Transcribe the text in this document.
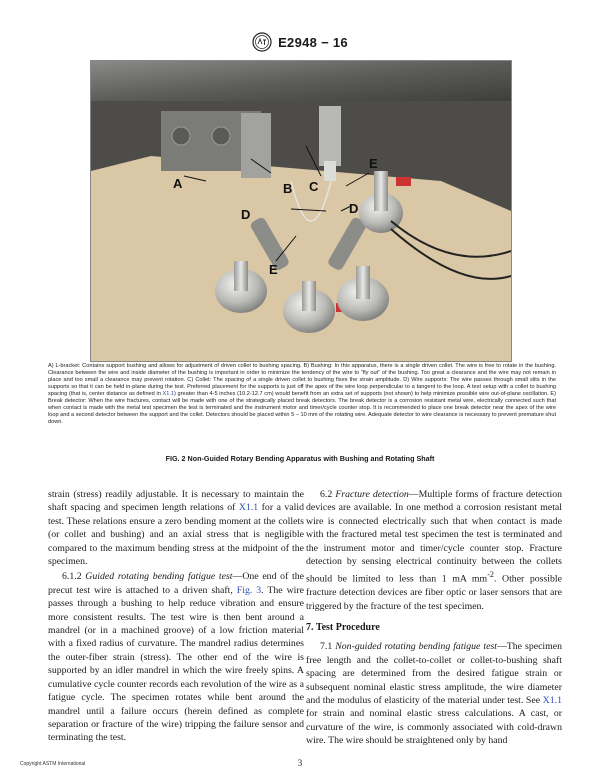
E2948 − 16
A	B C
D	D
E
E
A) L-bracket: Contains support bushing and allows for adjustment of driven collet to bushing spacing. B) Bushing: In this apparatus, there is a single driven collet. The wire is free to rotate in the bushing. Clearance between the wire and inside diameter of the bushing is important in order to minimize the tendency of the wire to “fly out” of the bushing. Too great a clearance and the wire may not remain in place and too small a clearance may prevent rotation. C) Collet: The spacing of a single driven collet to bushing fixes the strain amplitude. D) Wire supports: The wire passes through small slits in the supports so that it can be held in-plane during the test. Preferred placement for the supports is just off the apex of the wire loop perpendicular to a tangent to the loop. A test setup with a collet to bushing spacing (that is, center distance as defined in X1.1) greater than 4-5 inches (10.2-12.7 cm) would benefit from an extra set of supports (not shown) to help minimize possible wire out-of-plane oscillation. E) Break detector: When the wire fractures, contact will be made with one of the strategically placed break detectors. The break detector is a corrosion resistant metal wire, electrically connected such that when contact is made with the metal test specimen the test is terminated and the instrument motor and timer/cycle counter stop. It is recommended to place one break detector near the apex of the wire loop and a second detector between the support and the collet. Detectors should be placed within 5 – 10 mm of the rotating wire. Adequate detector to wire clearance is necessary to prevent premature shut down.
FIG. 2 Non-Guided Rotary Bending Apparatus with Bushing and Rotating Shaft

strain (stress) readily adjustable. It is necessary to maintain the shaft spacing and specimen length relations of X1.1 for a valid test. These relations ensure a zero bending moment at the collets (or collet and bushing) and an axial stress that is negligible compared to the maximum bending stress at the midpoint of the specimen.

6.1.2 Guided rotating bending fatigue test—One end of the precut test wire is attached to a driven shaft, Fig. 3. The wire passes through a bushing to help reduce vibration and ensure more consistent results. The test wire is then bent around a mandrel (or in a machined groove) of a low friction material with a fixed radius of curvature. The mandrel radius determines the outer-fiber strain (stress). The other end of the wire is supported by an idler mandrel in which the wire freely spins. A cumulative cycle counter records each revolution of the wire as a fatigue cycle. The specimen rotates while bent around the mandrel until a failure occurs (herein defined as complete separation or fracture of the wire) tripping the failure sensor and terminating the test.

6.2 Fracture detection—Multiple forms of fracture detection devices are available. In one method a corrosion resistant metal wire is connected electrically such that when contact is made with the fractured metal test specimen the test is terminated and the instrument motor and timer/cycle counter stop. Fracture detection by sensing electrical continuity between the collets should be limited to less than 1 mA $mm^{-2}$. Other possible fracture detection devices are fiber optic or laser sensors that are triggered by the fracture of the test specimen.

7. Test Procedure

7.1 Non-guided rotating bending fatigue test—The specimen free length and the collet-to-collet or collet-to-bushing shaft spacing are determined from the desired fatigue strain or subsequent nominal elastic stress amplitude, the wire diameter and the modulus of elasticity of the material under test. See X1.1 for strain and nominal elastic stress calculations. A cast, or curvature of the wire, is commonly associated with cold-drawn wire. The wire should be straightened only by hand

Copyright ASTM International	3
